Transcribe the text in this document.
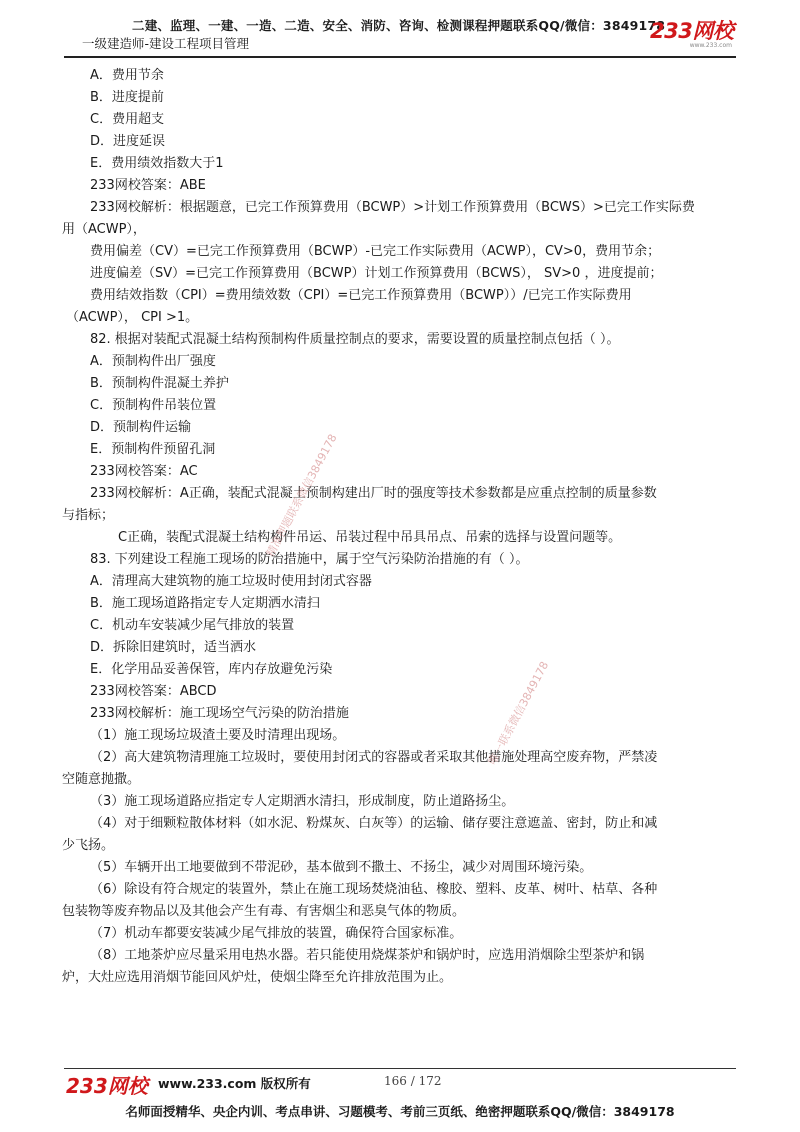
二建、监理、一建、一造、二造、安全、消防、咨询、检测课程押题联系QQ/微信：3849178
一级建造师-建设工程项目管理
233网校
www.233.com
A．费用节余
B．进度提前
C．费用超支
D．进度延误
E．费用绩效指数大于1
233网校答案：ABE
233网校解析：根据题意，已完工作预算费用（BCWP）>计划工作预算费用（BCWS）>已完工作实际费
用（ACWP），
费用偏差（CV）=已完工作预算费用（BCWP）-已完工作实际费用（ACWP），CV>0，费用节余；
进度偏差（SV）=已完工作预算费用（BCWP）计划工作预算费用（BCWS）， SV>0 ，进度提前；
费用结效指数（CPI）=费用绩效数（CPI）=已完工作预算费用（BCWP））/已完工作实际费用
（ACWP）， CPI >1。
82. 根据对装配式混凝土结构预制构件质量控制点的要求，需要设置的质量控制点包括（ ）。
A．预制构件出厂强度
B．预制构件混凝土养护
C．预制构件吊装位置
D．预制构件运输
E．预制构件预留孔洞
233网校答案：AC
233网校解析：A正确，装配式混凝土预制构建出厂时的强度等技术参数都是应重点控制的质量参数
与指标；
C正确，装配式混凝土结构构件吊运、吊装过程中吊具吊点、吊索的选择与设置问题等。
83. 下列建设工程施工现场的防治措施中，属于空气污染防治措施的有（ ）。
A．清理高大建筑物的施工垃圾时使用封闭式容器
B．施工现场道路指定专人定期洒水清扫
C．机动车安装减少尾气排放的装置
D．拆除旧建筑时，适当洒水
E．化学用品妥善保管，库内存放避免污染
233网校答案：ABCD
233网校解析：施工现场空气污染的防治措施
（1）施工现场垃圾渣土要及时清理出现场。
（2）高大建筑物清理施工垃圾时，要使用封闭式的容器或者采取其他措施处理高空废弃物，严禁凌
空随意抛撒。
（3）施工现场道路应指定专人定期洒水清扫，形成制度，防止道路扬尘。
（4）对于细颗粒散体材料（如水泥、粉煤灰、白灰等）的运输、储存要注意遮盖、密封，防止和减
少飞扬。
（5）车辆开出工地要做到不带泥砂，基本做到不撒土、不扬尘，减少对周围环境污染。
（6）除设有符合规定的装置外，禁止在施工现场焚烧油毡、橡胶、塑料、皮革、树叶、枯草、各种
包装物等废弃物品以及其他会产生有毒、有害烟尘和恶臭气体的物质。
（7）机动车都要安装减少尾气排放的装置，确保符合国家标准。
（8）工地茶炉应尽量采用电热水器。若只能使用烧煤茶炉和锅炉时，应选用消烟除尘型茶炉和锅
炉，大灶应选用消烟节能回风炉灶，使烟尘降至允许排放范围为止。
精准押题联系微信3849178
唯一联系微信3849178
233网校 www.233.com 版权所有	166 / 172
名师面授精华、央企内训、考点串讲、习题模考、考前三页纸、绝密押题联系QQ/微信：3849178
